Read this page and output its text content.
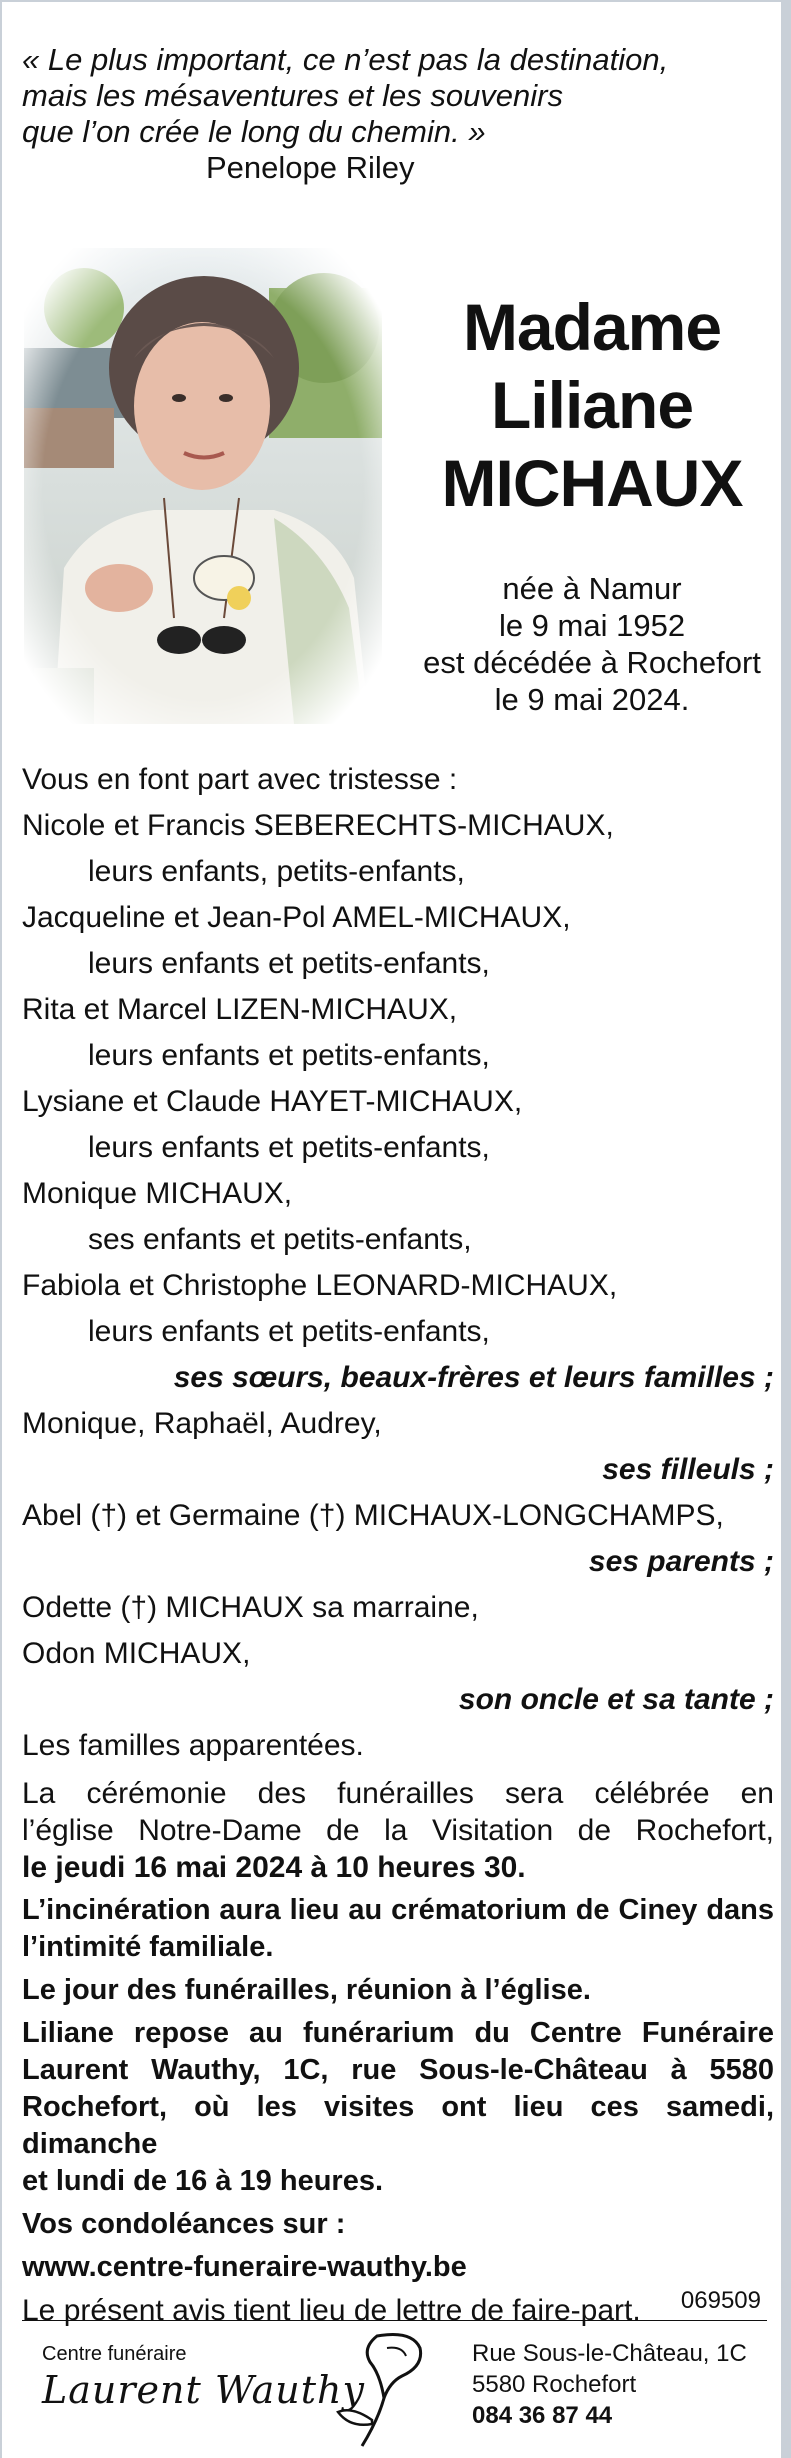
« Le plus important, ce n’est pas la destination,
mais les mésaventures et les souvenirs
que l’on crée le long du chemin. »
Penelope Riley
Madame
Liliane
MICHAUX
née à Namur
le 9 mai 1952
est décédée à Rochefort
le 9 mai 2024.
Vous en font part avec tristesse :
Nicole et Francis SEBERECHTS-MICHAUX,
leurs enfants, petits-enfants,
Jacqueline et Jean-Pol AMEL-MICHAUX,
leurs enfants et petits-enfants,
Rita et Marcel LIZEN-MICHAUX,
leurs enfants et petits-enfants,
Lysiane et Claude HAYET-MICHAUX,
leurs enfants et petits-enfants,
Monique MICHAUX,
ses enfants et petits-enfants,
Fabiola et Christophe LEONARD-MICHAUX,
leurs enfants et petits-enfants,
ses sœurs, beaux-frères et leurs familles ;
Monique, Raphaël, Audrey,
ses filleuls ;
Abel (†) et Germaine (†) MICHAUX-LONGCHAMPS,
ses parents ;
Odette (†) MICHAUX sa marraine,
Odon MICHAUX,
son oncle et sa tante ;
Les familles apparentées.
La cérémonie des funérailles sera célébrée en
l’église Notre-Dame de la Visitation de Rochefort,
le jeudi 16 mai 2024 à 10 heures 30.
L’incinération aura lieu au crématorium de Ciney dans
l’intimité familiale.
Le jour des funérailles, réunion à l’église.
Liliane repose au funérarium du Centre Funéraire
Laurent Wauthy, 1C, rue Sous-le-Château à 5580
Rochefort, où les visites ont lieu ces samedi, dimanche
et lundi de 16 à 19 heures.
Vos condoléances sur :
www.centre-funeraire-wauthy.be
Le présent avis tient lieu de lettre de faire-part.	069509
Centre funéraire
Laurent Wauthy
Rue Sous-le-Château, 1C
5580 Rochefort
084 36 87 44
